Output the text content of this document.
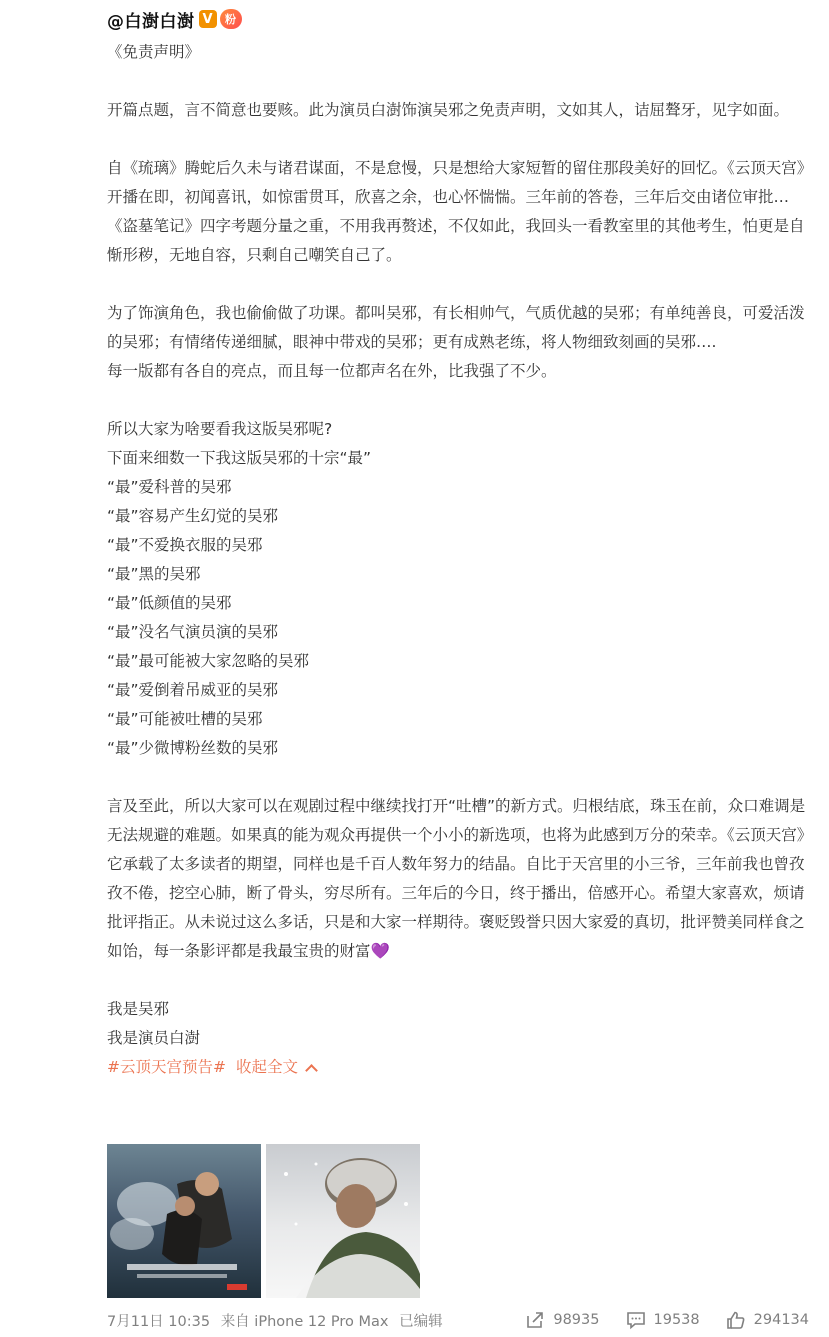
@白澍白澍 V	粉

《免责声明》

开篇点题，言不简意也要赅。此为演员白澍饰演吴邪之免责声明，文如其人，诘屈聱牙，见字如面。

自《琉璃》腾蛇后久未与诸君谋面，不是怠慢，只是想给大家短暂的留住那段美好的回忆。《云顶天宫》开播在即，初闻喜讯，如惊雷贯耳，欣喜之余，也心怀惴惴。三年前的答卷，三年后交由诸位审批…《盗墓笔记》四字考题分量之重，不用我再赘述，不仅如此，我回头一看教室里的其他考生，怕更是自惭形秽，无地自容，只剩自己嘲笑自己了。

为了饰演角色，我也偷偷做了功课。都叫吴邪，有长相帅气，气质优越的吴邪；有单纯善良，可爱活泼的吴邪；有情绪传递细腻，眼神中带戏的吴邪；更有成熟老练，将人物细致刻画的吴邪….

每一版都有各自的亮点，而且每一位都声名在外，比我强了不少。

所以大家为啥要看我这版吴邪呢?

下面来细数一下我这版吴邪的十宗“最”

“最”爱科普的吴邪

“最”容易产生幻觉的吴邪

“最”不爱换衣服的吴邪

“最”黑的吴邪

“最”低颜值的吴邪

“最”没名气演员演的吴邪

“最”最可能被大家忽略的吴邪

“最”爱倒着吊威亚的吴邪

“最”可能被吐槽的吴邪

“最”少微博粉丝数的吴邪

言及至此，所以大家可以在观剧过程中继续找打开“吐槽”的新方式。归根结底，珠玉在前，众口难调是无法规避的难题。如果真的能为观众再提供一个小小的新选项，也将为此感到万分的荣幸。《云顶天宫》它承载了太多读者的期望，同样也是千百人数年努力的结晶。自比于天宫里的小三爷，三年前我也曾孜孜不倦，挖空心肺，断了骨头，穷尽所有。三年后的今日，终于播出，倍感开心。希望大家喜欢，烦请批评指正。从未说过这么多话，只是和大家一样期待。褒贬毁誉只因大家爱的真切，批评赞美同样食之如饴，每一条影评都是我最宝贵的财富💜

我是吴邪

我是演员白澍

#云顶天宫预告# 收起全文
7月11日 10:35 来自 iPhone 12 Pro Max 已编辑	98935	19538	294134
